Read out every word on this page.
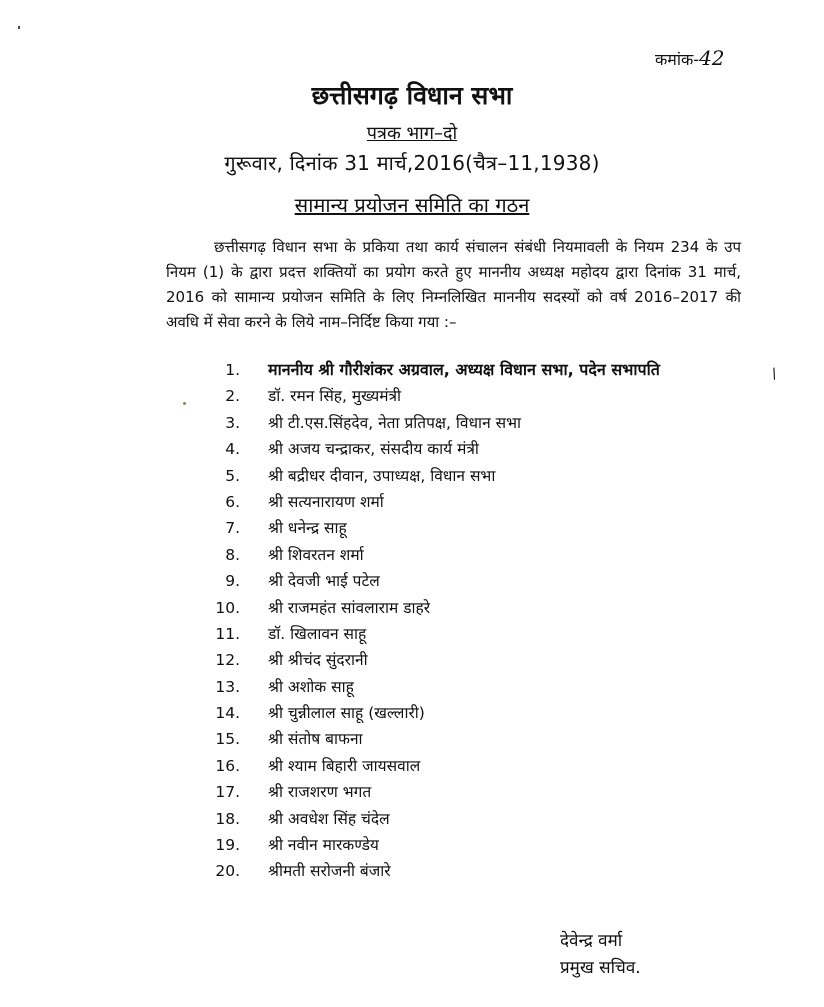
कमांक-42
छत्तीसगढ़ विधान सभा
पत्रक भाग–दो
गुरूवार, दिनांक 31 मार्च,2016(चैत्र–11,1938)
सामान्य प्रयोजन समिति का गठन
छत्तीसगढ़ विधान सभा के प्रकिया तथा कार्य संचालन संबंधी नियमावली के नियम 234 के उप नियम (1) के द्वारा प्रदत्त शक्तियों का प्रयोग करते हुए माननीय अध्यक्ष महोदय द्वारा दिनांक 31 मार्च, 2016 को सामान्य प्रयोजन समिति के लिए निम्नलिखित माननीय सदस्यों को वर्ष 2016–2017 की अवधि में सेवा करने के लिये नाम–निर्दिष्ट किया गया :–
1. माननीय श्री गौरीशंकर अग्रवाल, अध्यक्ष विधान सभा, पदेन सभापति
2. डॉ. रमन सिंह, मुख्यमंत्री
3. श्री टी.एस.सिंहदेव, नेता प्रतिपक्ष, विधान सभा
4. श्री अजय चन्द्राकर, संसदीय कार्य मंत्री
5. श्री बद्रीधर दीवान, उपाध्यक्ष, विधान सभा
6. श्री सत्यनारायण शर्मा
7. श्री धनेन्द्र साहू
8. श्री शिवरतन शर्मा
9. श्री देवजी भाई पटेल
10. श्री राजमहंत सांवलाराम डाहरे
11. डॉ. खिलावन साहू
12. श्री श्रीचंद सुंदरानी
13. श्री अशोक साहू
14. श्री चुन्नीलाल साहू (खल्लारी)
15. श्री संतोष बाफना
16. श्री श्याम बिहारी जायसवाल
17. श्री राजशरण भगत
18. श्री अवधेश सिंह चंदेल
19. श्री नवीन मारकण्डेय
20. श्रीमती सरोजनी बंजारे
/
देवेन्द्र वर्मा
प्रमुख सचिव.
